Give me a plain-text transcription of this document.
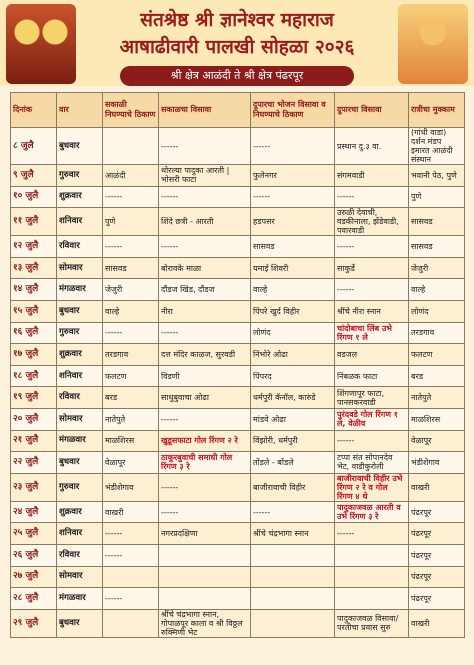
संतश्रेष्ठ श्री ज्ञानेश्वर महाराज
आषाढीवारी पालखी सोहळा २०२६
श्री क्षेत्र आळंदी ते श्री क्षेत्र पंढरपूर
दिनांक	वार	सकाळी निघण्याचे ठिकाण	सकाळचा विसावा	दुपारचा भोजन विसावा व निघण्याचे ठिकाण	दुपारचा विसावा	रात्रीचा मुक्काम
८ जुलै	बुधवार		------	------	प्रस्थान दु.३ वा.	(गांधी वाडा) दर्शन मंडप इमारत आळंदी संस्थान
९ जुलै	गुरुवार	आळंदी	थोरल्या पादुका आरती | भोसरी फाटा	फुलेनगर	संगमवाडी	भवानी पेठ, पुणे
१० जुलै	शुक्रवार	------	------	------	------	पुणे
११ जुलै	शनिवार	पुणे	शिंदे छत्री - आरती	हडपसर	उरुळी देवाची, वडकीनाला, झेंडेवाडी, पवारवाडी	सासवड
१२ जुलै	रविवार	------	------	सासवड	------	सासवड
१३ जुलै	सोमवार	सासवड	बोरावके माळा	यमाई शिवरी	साकुर्डे	जेजुरी
१४ जुलै	मंगळवार	जेजुरी	दौंडज खिंड, दौंडज	वाल्हे	------	वाल्हे
१५ जुलै	बुधवार	वाल्हे	नीरा	पिंपरे खुर्द विहीर	श्रींचे नीरा स्नान	लोणंद
१६ जुलै	गुरुवार	------	------	लोणंद	चांदोबाचा लिंब उभे रिंगण १ ले	तरडगाव
१७ जुलै	शुक्रवार	तरडगाव	दत्त मंदिर काळज, सुरवडी	निंभोरे ओढा	वडजल	फलटण
१८ जुलै	शनिवार	फलटण	विडणी	पिंपरद	निंबळक फाटा	बरड
१९ जुलै	रविवार	बरड	साधुबुवाचा ओढा	धर्मपुरी कॅनॉल, कारुंडे	शिंगणापूर फाटा, पानसकरवाडी	नातेपुते
२० जुलै	सोमवार	नातेपुते	------	मांडवे ओढा	पुरंदवडे गोल रिंगण १ ले, वेळीव	माळशिरस
२१ जुलै	मंगळवार	माळशिरस	खुडूसफाटा गोल रिंगण २ रे	विंझोरी, धर्मपुरी	------	वेळापूर
२२ जुलै	बुधवार	वेळापूर	ठाकूरबुवाची समाधी गोल रिंगण ३ रे	तोंडले - बोंडले	टप्पा संत सोपानदेव भेट, वाडीकुरोली	भंडीशेगाव
२३ जुलै	गुरुवार	भंडीशेगाव	------	बाजीरावाची विहीर	बाजीरावाची विहीर उभे रिंगण २ रे व गोल रिंगण ४ थे	वाखरी
२४ जुलै	शुक्रवार	वाखरी	------	------	पादुकाजवळ आरती व उभे रिंगण ३ रे	पंढरपूर
२५ जुलै	शनिवार	------	नगरप्रदक्षिणा	श्रींचे चंद्रभागा स्नान	------	पंढरपूर
२६ जुलै	रविवार	------				पंढरपूर
२७ जुलै	सोमवार					पंढरपूर
२८ जुलै	मंगळवार	------				पंढरपूर
२९ जुलै	बुधवार		श्रींचे चंद्रभागा स्नान, गोपाळपूर काला व श्री विठ्ठल रुक्मिणी भेट		पादुकाजवळ विसावा/ परतीचा प्रवास सुरु	वाखरी
